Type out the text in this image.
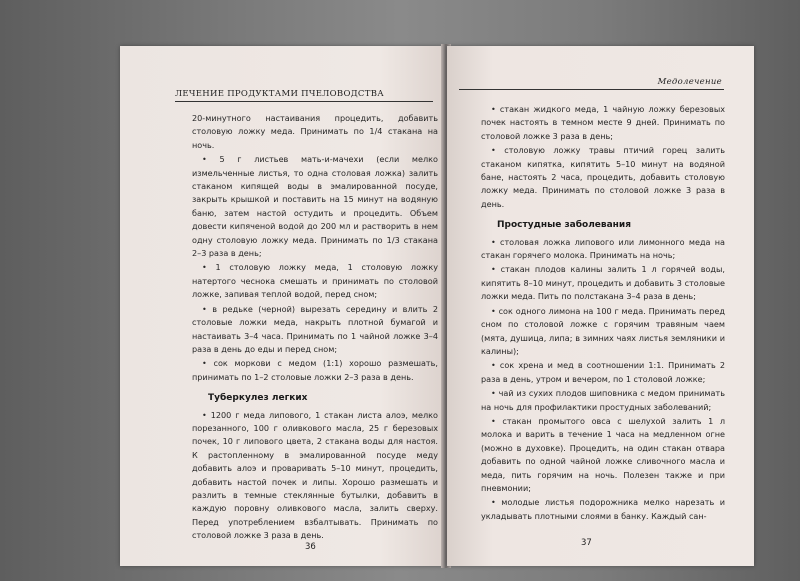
ЛЕЧЕНИЕ ПРОДУКТАМИ ПЧЕЛОВОДСТВА

20-минутного настаивания процедить, добавить столовую ложку меда. Принимать по 1/4 стакана на ночь.

• 5 г листьев мать-и-мачехи (если мелко измельченные листья, то одна столовая ложка) залить стаканом кипящей воды в эмалированной посуде, закрыть крышкой и поставить на 15 минут на водяную баню, затем настой остудить и процедить. Объем довести кипяченой водой до 200 мл и растворить в нем одну столовую ложку меда. Принимать по 1/3 стакана 2–3 раза в день;

• 1 столовую ложку меда, 1 столовую ложку натертого чеснока смешать и принимать по столовой ложке, запивая теплой водой, перед сном;

• в редьке (черной) вырезать середину и влить 2 столовые ложки меда, накрыть плотной бумагой и настаивать 3–4 часа. Принимать по 1 чайной ложке 3–4 раза в день до еды и перед сном;

• сок моркови с медом (1:1) хорошо размешать, принимать по 1–2 столовые ложки 2–3 раза в день.

Туберкулез легких

• 1200 г меда липового, 1 стакан листа алоэ, мелко порезанного, 100 г оливкового масла, 25 г березовых почек, 10 г липового цвета, 2 стакана воды для настоя. К растопленному в эмалированной посуде меду добавить алоэ и проваривать 5–10 минут, процедить, добавить настой почек и липы. Хорошо размешать и разлить в темные стеклянные бутылки, добавить в каждую поровну оливкового масла, залить сверху. Перед употреблением взбалтывать. Принимать по столовой ложке 3 раза в день.

36
Медолечение

• стакан жидкого меда, 1 чайную ложку березовых почек настоять в темном месте 9 дней. Принимать по столовой ложке 3 раза в день;

• столовую ложку травы птичий горец залить стаканом кипятка, кипятить 5–10 минут на водяной бане, настоять 2 часа, процедить, добавить столовую ложку меда. Принимать по столовой ложке 3 раза в день.

Простудные заболевания

• столовая ложка липового или лимонного меда на стакан горячего молока. Принимать на ночь;

• стакан плодов калины залить 1 л горячей воды, кипятить 8–10 минут, процедить и добавить 3 столовые ложки меда. Пить по полстакана 3–4 раза в день;

• сок одного лимона на 100 г меда. Принимать перед сном по столовой ложке с горячим травяным чаем (мята, душица, липа; в зимних чаях листья земляники и калины);

• сок хрена и мед в соотношении 1:1. Принимать 2 раза в день, утром и вечером, по 1 столовой ложке;

• чай из сухих плодов шиповника с медом принимать на ночь для профилактики простудных заболеваний;

• стакан промытого овса с шелухой залить 1 л молока и варить в течение 1 часа на медленном огне (можно в духовке). Процедить, на один стакан отвара добавить по одной чайной ложке сливочного масла и меда, пить горячим на ночь. Полезен также и при пневмонии;

• молодые листья подорожника мелко нарезать и укладывать плотными слоями в банку. Каждый сан-

37
